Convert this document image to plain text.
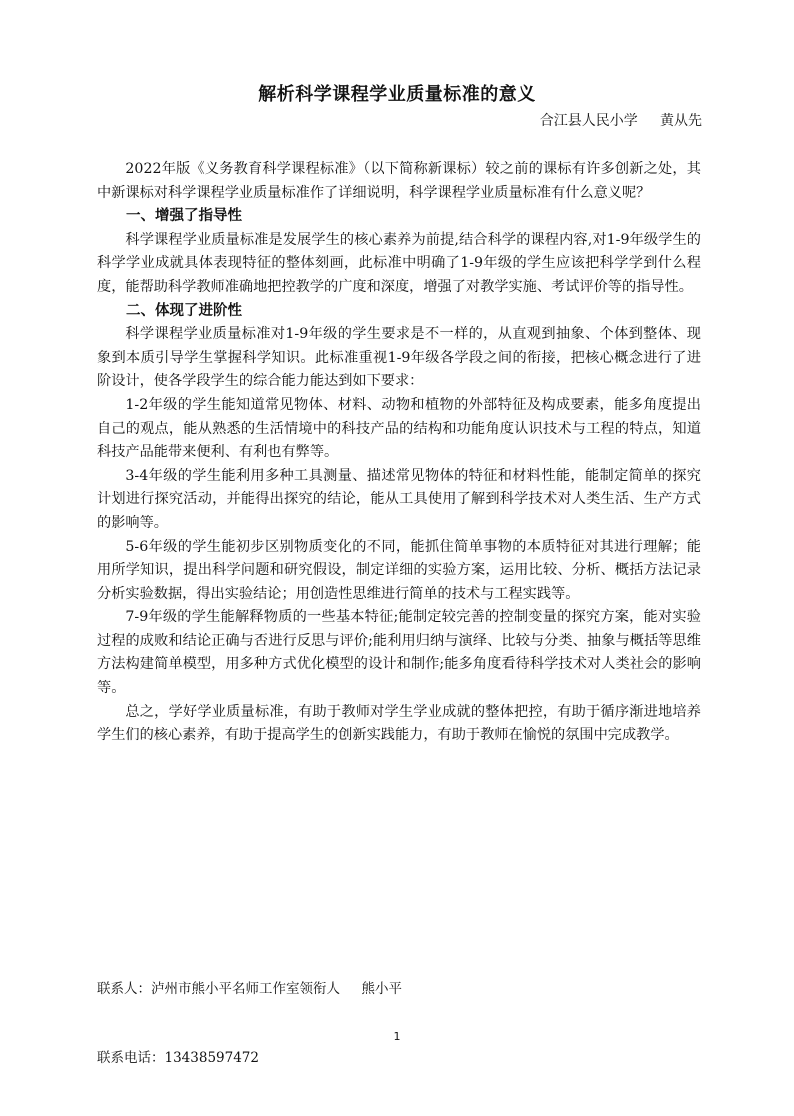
解析科学课程学业质量标准的意义
合江县人民小学     黄从先

2022年版《义务教育科学课程标准》（以下简称新课标）较之前的课标有许多创新之处，其中新课标对科学课程学业质量标准作了详细说明，科学课程学业质量标准有什么意义呢？

一、增强了指导性

科学课程学业质量标准是发展学生的核心素养为前提,结合科学的课程内容,对1-9年级学生的科学学业成就具体表现特征的整体刻画，此标准中明确了1-9年级的学生应该把科学学到什么程度，能帮助科学教师准确地把控教学的广度和深度，增强了对教学实施、考试评价等的指导性。

二、体现了进阶性

科学课程学业质量标准对1-9年级的学生要求是不一样的，从直观到抽象、个体到整体、现象到本质引导学生掌握科学知识。此标准重视1-9年级各学段之间的衔接，把核心概念进行了进阶设计，使各学段学生的综合能力能达到如下要求：

1-2年级的学生能知道常见物体、材料、动物和植物的外部特征及构成要素，能多角度提出自己的观点，能从熟悉的生活情境中的科技产品的结构和功能角度认识技术与工程的特点，知道科技产品能带来便利、有利也有弊等。

3-4年级的学生能利用多种工具测量、描述常见物体的特征和材料性能，能制定简单的探究计划进行探究活动，并能得出探究的结论，能从工具使用了解到科学技术对人类生活、生产方式的影响等。

5-6年级的学生能初步区别物质变化的不同，能抓住简单事物的本质特征对其进行理解；能用所学知识，提出科学问题和研究假设，制定详细的实验方案，运用比较、分析、概括方法记录分析实验数据，得出实验结论；用创造性思维进行简单的技术与工程实践等。

7-9年级的学生能解释物质的一些基本特征;能制定较完善的控制变量的探究方案，能对实验过程的成败和结论正确与否进行反思与评价;能利用归纳与演绎、比较与分类、抽象与概括等思维方法构建简单模型，用多种方式优化模型的设计和制作;能多角度看待科学技术对人类社会的影响等。

总之，学好学业质量标准，有助于教师对学生学业成就的整体把控，有助于循序渐进地培养学生们的核心素养，有助于提高学生的创新实践能力，有助于教师在愉悦的氛围中完成教学。

联系人：泸州市熊小平名师工作室领衔人     熊小平

联系电话：13438597472

1
